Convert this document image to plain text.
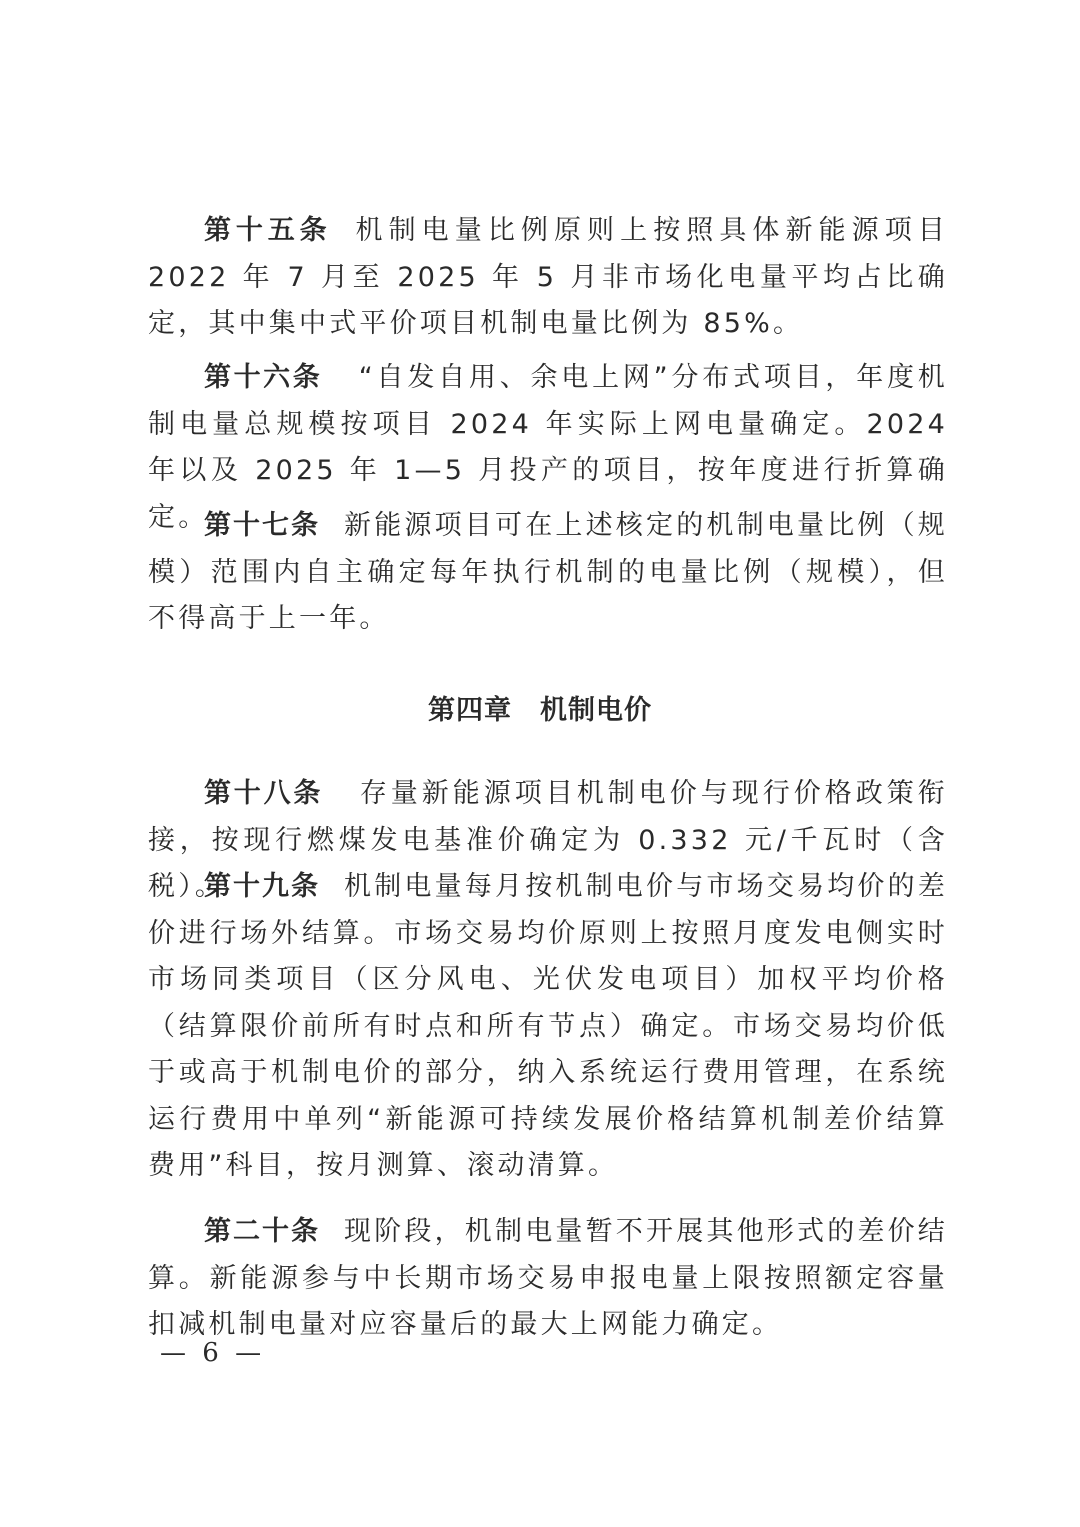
第十五条 机制电量比例原则上按照具体新能源项目 2022 年 7 月至 2025 年 5 月非市场化电量平均占比确定，其中集中式平价项目机制电量比例为 85%。

第十六条 “自发自用、余电上网”分布式项目，年度机制电量总规模按项目 2024 年实际上网电量确定。2024 年以及 2025 年 1—5 月投产的项目，按年度进行折算确定。

第十七条 新能源项目可在上述核定的机制电量比例（规模）范围内自主确定每年执行机制的电量比例（规模），但不得高于上一年。

第四章 机制电价

第十八条 存量新能源项目机制电价与现行价格政策衔接，按现行燃煤发电基准价确定为 0.332 元/千瓦时（含税）。

第十九条 机制电量每月按机制电价与市场交易均价的差价进行场外结算。市场交易均价原则上按照月度发电侧实时市场同类项目（区分风电、光伏发电项目）加权平均价格（结算限价前所有时点和所有节点）确定。市场交易均价低于或高于机制电价的部分，纳入系统运行费用管理，在系统运行费用中单列“新能源可持续发展价格结算机制差价结算费用”科目，按月测算、滚动清算。

第二十条 现阶段，机制电量暂不开展其他形式的差价结算。新能源参与中长期市场交易申报电量上限按照额定容量扣减机制电量对应容量后的最大上网能力确定。

— 6 —
